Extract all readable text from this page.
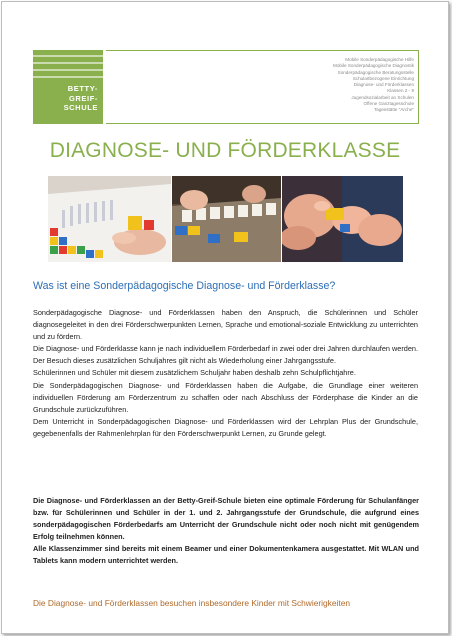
BETTY-
GREIF-
SCHULE
Mobile Sonderpädagogische Hilfe
Mobile Sonderpädagogische Diagnostik
Sonderpädagogische Beratungsstelle
Schulartbezogene Einrichtung
Diagnose- und Förderklassen
Klassen 2 - 9
Jugendsozialarbeit an Schulen
Offene Ganztagesschule
Tagesstätte "Arche"
DIAGNOSE- UND FÖRDERKLASSE
Was ist eine Sonderpädagogische Diagnose- und Förderklasse?

Sonderpädagogische Diagnose- und Förderklassen haben den Anspruch, die Schülerinnen und Schüler diagnosegeleitet in den drei Förderschwerpunkten Lernen, Sprache und emotional-soziale Entwicklung zu unterrichten und zu fördern.

Die Diagnose- und Förderklasse kann je nach individuellem Förderbedarf in zwei oder drei Jahren durchlaufen werden. Der Besuch dieses zusätzlichen Schuljahres gilt nicht als Wiederholung einer Jahrgangsstufe.

Schülerinnen und Schüler mit diesem zusätzlichem Schuljahr haben deshalb zehn Schulpflichtjahre.

Die Sonderpädagogischen Diagnose- und Förderklassen haben die Aufgabe, die Grundlage einer weiteren individuellen Förderung am Förderzentrum zu schaffen oder nach Abschluss der Förderphase die Kinder an die Grundschule zurückzuführen.

Dem Unterricht in Sonderpädagogischen Diagnose- und Förderklassen wird der Lehrplan Plus der Grundschule, gegebenenfalls der Rahmenlehrplan für den Förderschwerpunkt Lernen, zu Grunde gelegt.

Die Diagnose- und Förderklassen an der Betty-Greif-Schule bieten eine optimale Förderung für Schulanfänger bzw. für Schülerinnen und Schüler in der 1. und 2. Jahrgangsstufe der Grundschule, die aufgrund eines sonderpädagogischen Förderbedarfs am Unterricht der Grundschule nicht oder noch nicht mit genügendem Erfolg teilnehmen können.

Alle Klassenzimmer sind bereits mit einem Beamer und einer Dokumentenkamera ausgestattet. Mit WLAN und Tablets kann modern unterrichtet werden.

Die Diagnose- und Förderklassen besuchen insbesondere Kinder mit Schwierigkeiten
